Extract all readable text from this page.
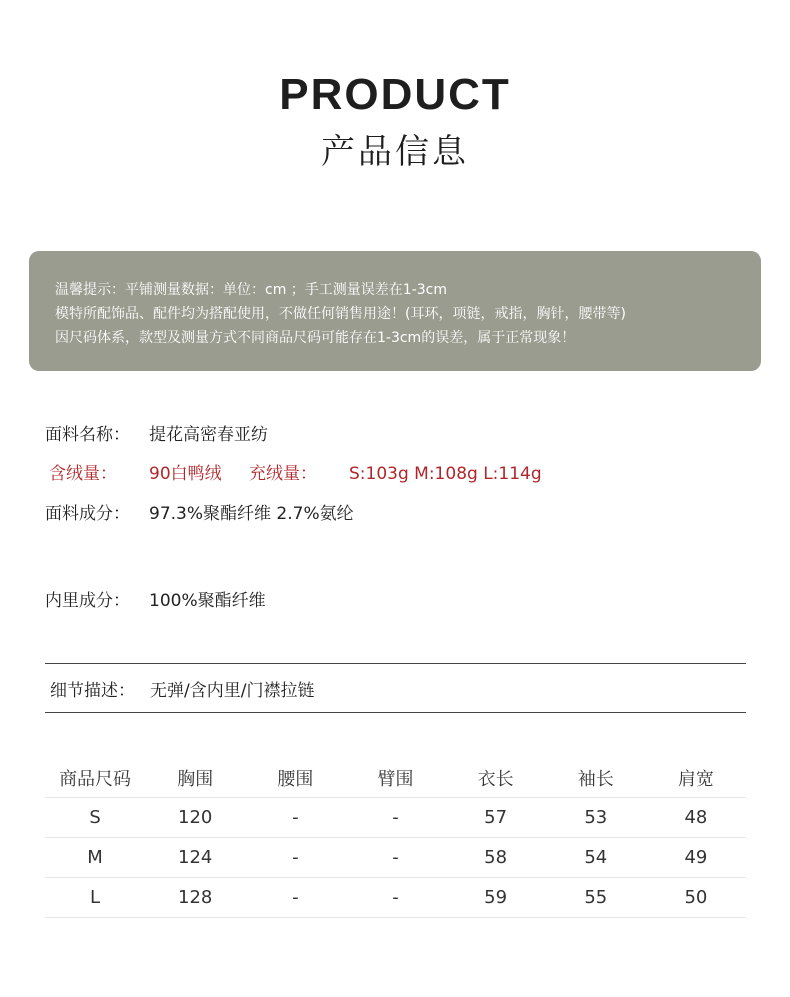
PRODUCT
产品信息
温馨提示：平铺测量数据：单位：cm ；手工测量误差在1-3cm
模特所配饰品、配件均为搭配使用，不做任何销售用途！(耳环，项链，戒指，胸针，腰带等)
因尺码体系，款型及测量方式不同商品尺码可能存在1-3cm的误差，属于正常现象！
面料名称： 提花高密春亚纺
含绒量： 90白鸭绒 充绒量： S:103g M:108g L:114g
面料成分： 97.3%聚酯纤维 2.7%氨纶
内里成分： 100%聚酯纤维
细节描述： 无弹/含内里/门襟拉链
商品尺码	胸围	腰围	臂围	衣长	袖长	肩宽
S	120	-	-	57	53	48
M	124	-	-	58	54	49
L	128	-	-	59	55	50
